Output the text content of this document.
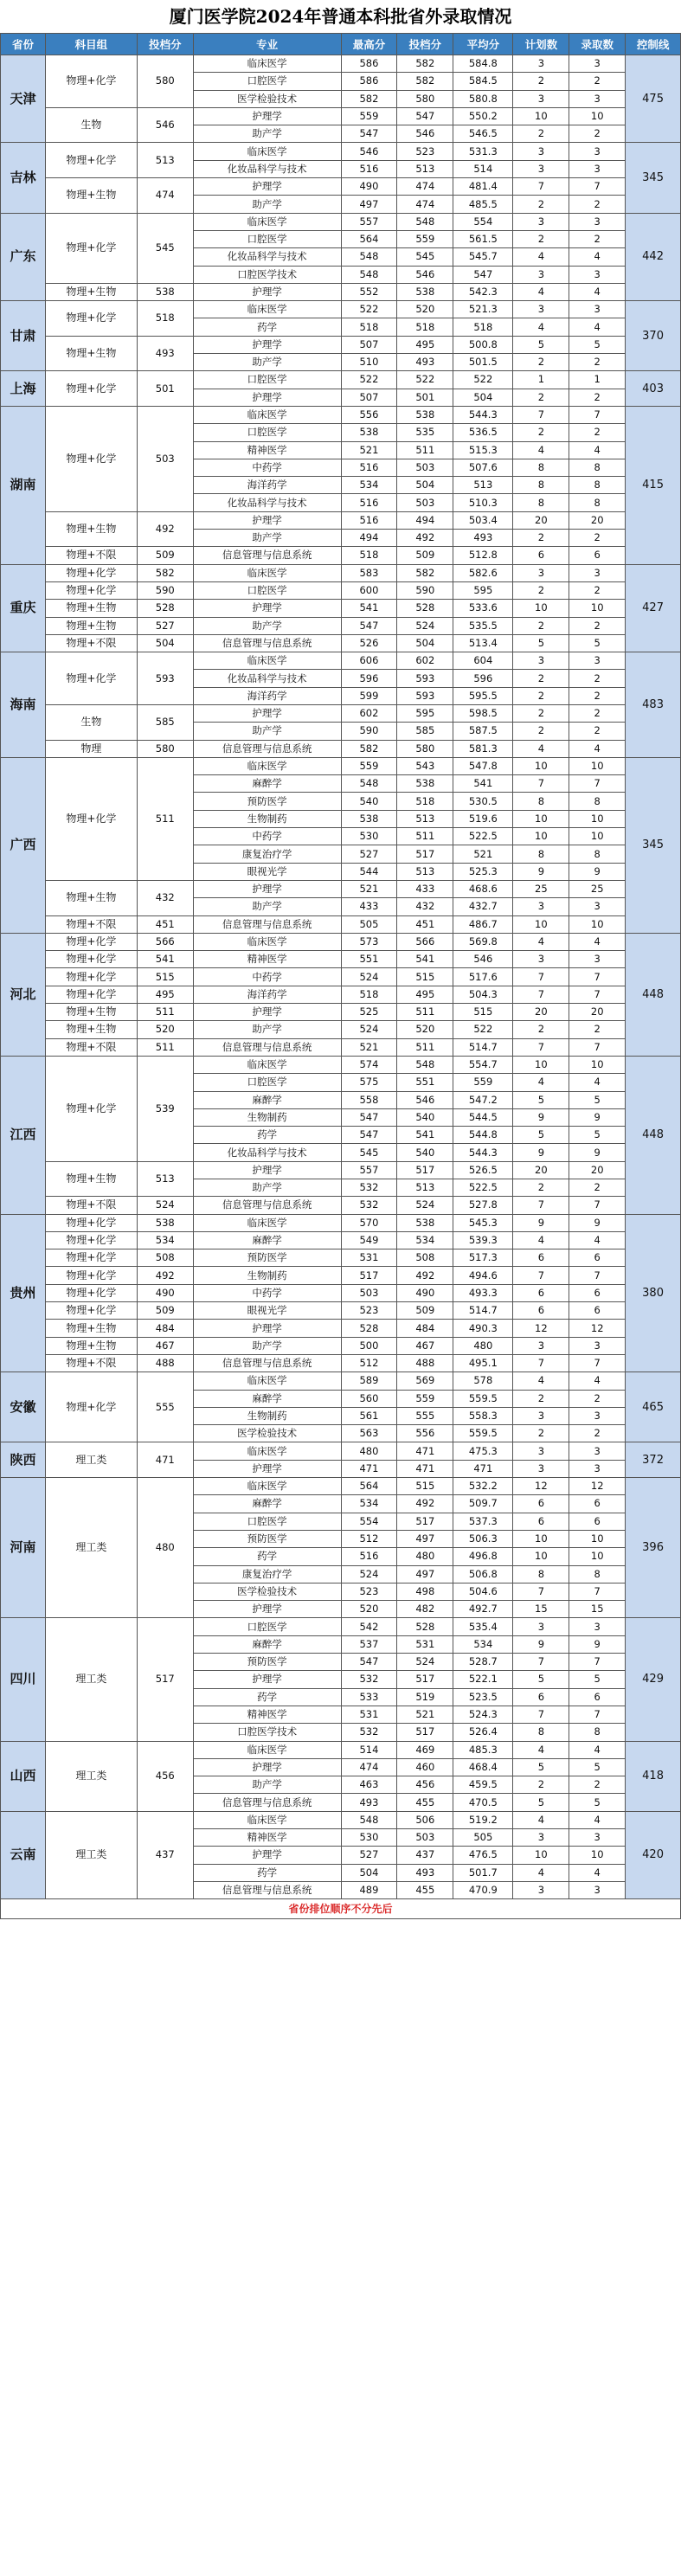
厦门医学院2024年普通本科批省外录取情况
省份	科目组	投档分	专业	最高分	投档分	平均分	计划数	录取数	控制线
天津	物理+化学	580	临床医学	586	582	584.8	3	3	475
			口腔医学	586	582	584.5	2	2	
			医学检验技术	582	580	580.8	3	3	
	生物	546	护理学	559	547	550.2	10	10	
			助产学	547	546	546.5	2	2	
吉林	物理+化学	513	临床医学	546	523	531.3	3	3	345
			化妆品科学与技术	516	513	514	3	3	
	物理+生物	474	护理学	490	474	481.4	7	7	
			助产学	497	474	485.5	2	2	
广东	物理+化学	545	临床医学	557	548	554	3	3	442
			口腔医学	564	559	561.5	2	2	
			化妆品科学与技术	548	545	545.7	4	4	
			口腔医学技术	548	546	547	3	3	
	物理+生物	538	护理学	552	538	542.3	4	4	
甘肃	物理+化学	518	临床医学	522	520	521.3	3	3	370
			药学	518	518	518	4	4	
	物理+生物	493	护理学	507	495	500.8	5	5	
			助产学	510	493	501.5	2	2	
上海	物理+化学	501	口腔医学	522	522	522	1	1	403
			护理学	507	501	504	2	2	
湖南	物理+化学	503	临床医学	556	538	544.3	7	7	415
			口腔医学	538	535	536.5	2	2	
			精神医学	521	511	515.3	4	4	
			中药学	516	503	507.6	8	8	
			海洋药学	534	504	513	8	8	
			化妆品科学与技术	516	503	510.3	8	8	
	物理+生物	492	护理学	516	494	503.4	20	20	
			助产学	494	492	493	2	2	
	物理+不限	509	信息管理与信息系统	518	509	512.8	6	6	
重庆	物理+化学	582	临床医学	583	582	582.6	3	3	427
	物理+化学	590	口腔医学	600	590	595	2	2	
	物理+生物	528	护理学	541	528	533.6	10	10	
	物理+生物	527	助产学	547	524	535.5	2	2	
	物理+不限	504	信息管理与信息系统	526	504	513.4	5	5	
海南	物理+化学	593	临床医学	606	602	604	3	3	483
			化妆品科学与技术	596	593	596	2	2	
			海洋药学	599	593	595.5	2	2	
	生物	585	护理学	602	595	598.5	2	2	
			助产学	590	585	587.5	2	2	
	物理	580	信息管理与信息系统	582	580	581.3	4	4	
广西	物理+化学	511	临床医学	559	543	547.8	10	10	345
			麻醉学	548	538	541	7	7	
			预防医学	540	518	530.5	8	8	
			生物制药	538	513	519.6	10	10	
			中药学	530	511	522.5	10	10	
			康复治疗学	527	517	521	8	8	
			眼视光学	544	513	525.3	9	9	
	物理+生物	432	护理学	521	433	468.6	25	25	
			助产学	433	432	432.7	3	3	
	物理+不限	451	信息管理与信息系统	505	451	486.7	10	10	
河北	物理+化学	566	临床医学	573	566	569.8	4	4	448
	物理+化学	541	精神医学	551	541	546	3	3	
	物理+化学	515	中药学	524	515	517.6	7	7	
	物理+化学	495	海洋药学	518	495	504.3	7	7	
	物理+生物	511	护理学	525	511	515	20	20	
	物理+生物	520	助产学	524	520	522	2	2	
	物理+不限	511	信息管理与信息系统	521	511	514.7	7	7	
江西	物理+化学	539	临床医学	574	548	554.7	10	10	448
			口腔医学	575	551	559	4	4	
			麻醉学	558	546	547.2	5	5	
			生物制药	547	540	544.5	9	9	
			药学	547	541	544.8	5	5	
			化妆品科学与技术	545	540	544.3	9	9	
	物理+生物	513	护理学	557	517	526.5	20	20	
			助产学	532	513	522.5	2	2	
	物理+不限	524	信息管理与信息系统	532	524	527.8	7	7	
贵州	物理+化学	538	临床医学	570	538	545.3	9	9	380
	物理+化学	534	麻醉学	549	534	539.3	4	4	
	物理+化学	508	预防医学	531	508	517.3	6	6	
	物理+化学	492	生物制药	517	492	494.6	7	7	
	物理+化学	490	中药学	503	490	493.3	6	6	
	物理+化学	509	眼视光学	523	509	514.7	6	6	
	物理+生物	484	护理学	528	484	490.3	12	12	
	物理+生物	467	助产学	500	467	480	3	3	
	物理+不限	488	信息管理与信息系统	512	488	495.1	7	7	
安徽	物理+化学	555	临床医学	589	569	578	4	4	465
			麻醉学	560	559	559.5	2	2	
			生物制药	561	555	558.3	3	3	
			医学检验技术	563	556	559.5	2	2	
陕西	理工类	471	临床医学	480	471	475.3	3	3	372
			护理学	471	471	471	3	3	
河南	理工类	480	临床医学	564	515	532.2	12	12	396
			麻醉学	534	492	509.7	6	6	
			口腔医学	554	517	537.3	6	6	
			预防医学	512	497	506.3	10	10	
			药学	516	480	496.8	10	10	
			康复治疗学	524	497	506.8	8	8	
			医学检验技术	523	498	504.6	7	7	
			护理学	520	482	492.7	15	15	
四川	理工类	517	口腔医学	542	528	535.4	3	3	429
			麻醉学	537	531	534	9	9	
			预防医学	547	524	528.7	7	7	
			护理学	532	517	522.1	5	5	
			药学	533	519	523.5	6	6	
			精神医学	531	521	524.3	7	7	
			口腔医学技术	532	517	526.4	8	8	
山西	理工类	456	临床医学	514	469	485.3	4	4	418
			护理学	474	460	468.4	5	5	
			助产学	463	456	459.5	2	2	
			信息管理与信息系统	493	455	470.5	5	5	
云南	理工类	437	临床医学	548	506	519.2	4	4	420
			精神医学	530	503	505	3	3	
			护理学	527	437	476.5	10	10	
			药学	504	493	501.7	4	4	
			信息管理与信息系统	489	455	470.9	3	3	
省份排位顺序不分先后
